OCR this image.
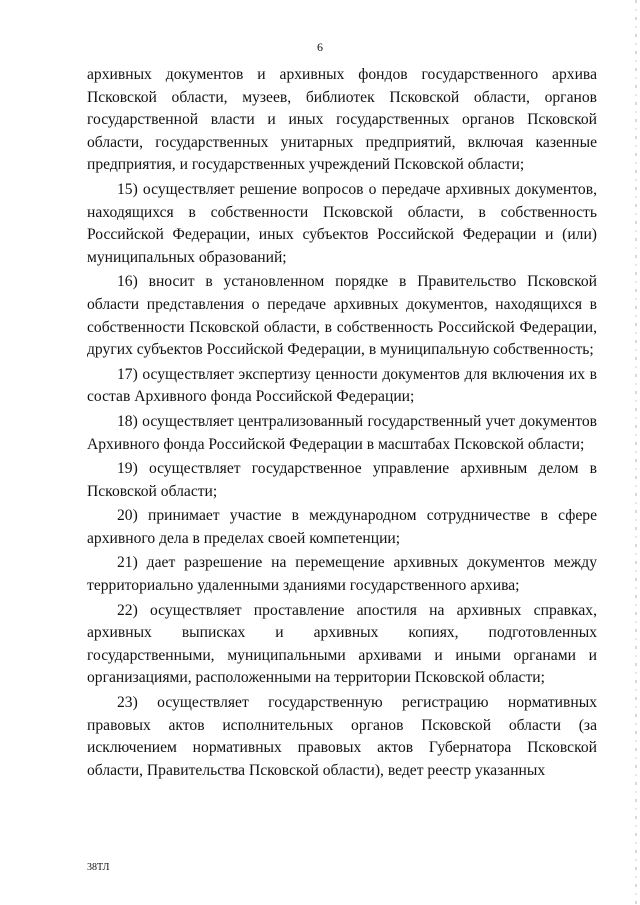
6

архивных документов и архивных фондов государственного архива Псковской области, музеев, библиотек Псковской области, органов государственной власти и иных государственных органов Псковской области, государственных унитарных предприятий, включая казенные предприятия, и государственных учреждений Псковской области;

15) осуществляет решение вопросов о передаче архивных документов, находящихся в собственности Псковской области, в собственность Российской Федерации, иных субъектов Российской Федерации и (или) муниципальных образований;

16) вносит в установленном порядке в Правительство Псковской области представления о передаче архивных документов, находящихся в собственности Псковской области, в собственность Российской Федерации, других субъектов Российской Федерации, в муниципальную собственность;

17) осуществляет экспертизу ценности документов для включения их в состав Архивного фонда Российской Федерации;

18) осуществляет централизованный государственный учет документов Архивного фонда Российской Федерации в масштабах Псковской области;

19) осуществляет государственное управление архивным делом в Псковской области;

20) принимает участие в международном сотрудничестве в сфере архивного дела в пределах своей компетенции;

21) дает разрешение на перемещение архивных документов между территориально удаленными зданиями государственного архива;

22) осуществляет проставление апостиля на архивных справках, архивных выписках и архивных копиях, подготовленных государственными, муниципальными архивами и иными органами и организациями, расположенными на территории Псковской области;

23) осуществляет государственную регистрацию нормативных правовых актов исполнительных органов Псковской области (за исключением нормативных правовых актов Губернатора Псковской области, Правительства Псковской области), ведет реестр указанных

38ТЛ
